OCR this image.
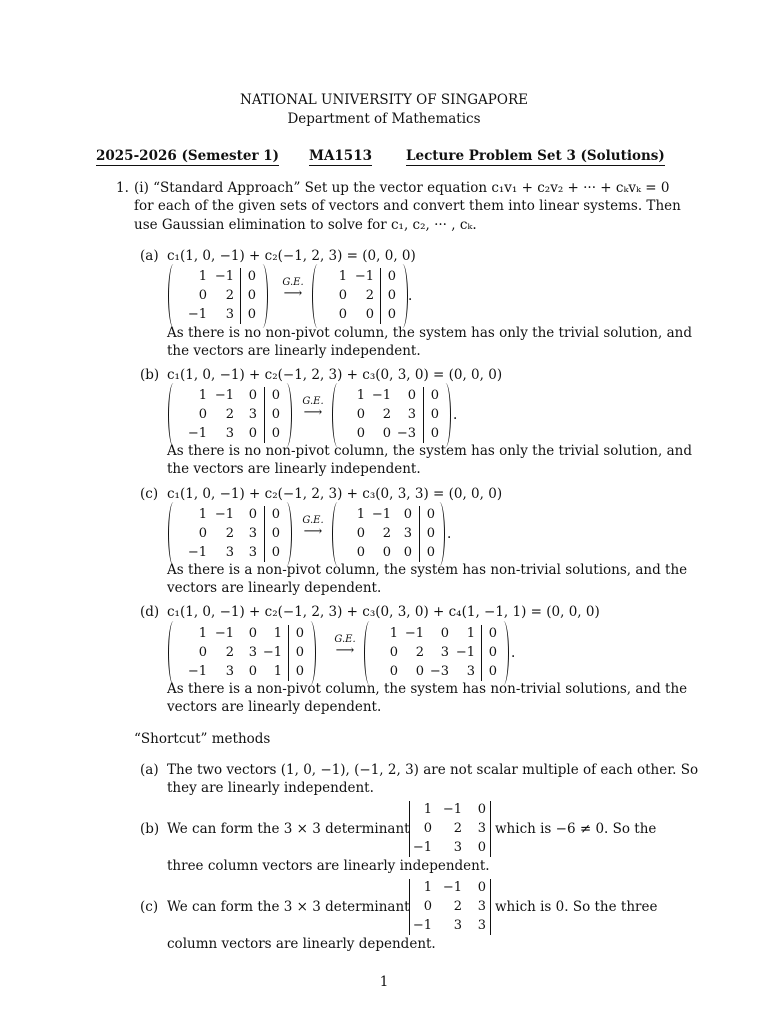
NATIONAL UNIVERSITY OF SINGAPORE
Department of Mathematics
2025-2026 (Semester 1) MA1513	Lecture Problem Set 3 (Solutions)
1. (i) “Standard Approach” Set up the vector equation c₁v₁ + c₂v₂ + ··· + cₖvₖ = 0
for each of the given sets of vectors and convert them into linear systems. Then
use Gaussian elimination to solve for c₁, c₂, ··· , cₖ.
(a) c₁(1, 0, −1) + c₂(−1, 2, 3) = (0, 0, 0)
1 −1	0
0	2	0
−1	3	0
G.E.
⟶
1 −1	0
0	2	0
0	0	0
.
As there is no non-pivot column, the system has only the trivial solution, and
the vectors are linearly independent.
(b) c₁(1, 0, −1) + c₂(−1, 2, 3) + c₃(0, 3, 0) = (0, 0, 0)
1 −1	0	0
0	2	3	0
−1	3	0	0
G.E.
⟶
1 −1	0	0
0	2	3	0
0	0 −3	0
.
As there is no non-pivot column, the system has only the trivial solution, and
the vectors are linearly independent.
(c) c₁(1, 0, −1) + c₂(−1, 2, 3) + c₃(0, 3, 3) = (0, 0, 0)
1 −1	0	0
0	2	3	0
−1	3	3	0
G.E.
⟶
1 −1 0	0
0	2 3	0
0	0 0	0
.
As there is a non-pivot column, the system has non-trivial solutions, and the
vectors are linearly dependent.
(d) c₁(1, 0, −1) + c₂(−1, 2, 3) + c₃(0, 3, 0) + c₄(1, −1, 1) = (0, 0, 0)
1 −1	0	1	0
0	2	3 −1	0
−1	3	0	1	0
G.E.
⟶
1 −1	0	1	0
0	2	3 −1	0
0	0 −3	3	0
.
As there is a non-pivot column, the system has non-trivial solutions, and the
vectors are linearly dependent.
“Shortcut” methods
(a) The two vectors (1, 0, −1), (−1, 2, 3) are not scalar multiple of each other. So
they are linearly independent.
(b) We can form the 3 × 3 determinant
1 −1	0
0	2	3
−1	3	0
which is −6 ≠ 0. So the
three column vectors are linearly independent.
(c) We can form the 3 × 3 determinant
1 −1	0
0	2	3
−1	3	3
which is 0. So the three
column vectors are linearly dependent.
1
